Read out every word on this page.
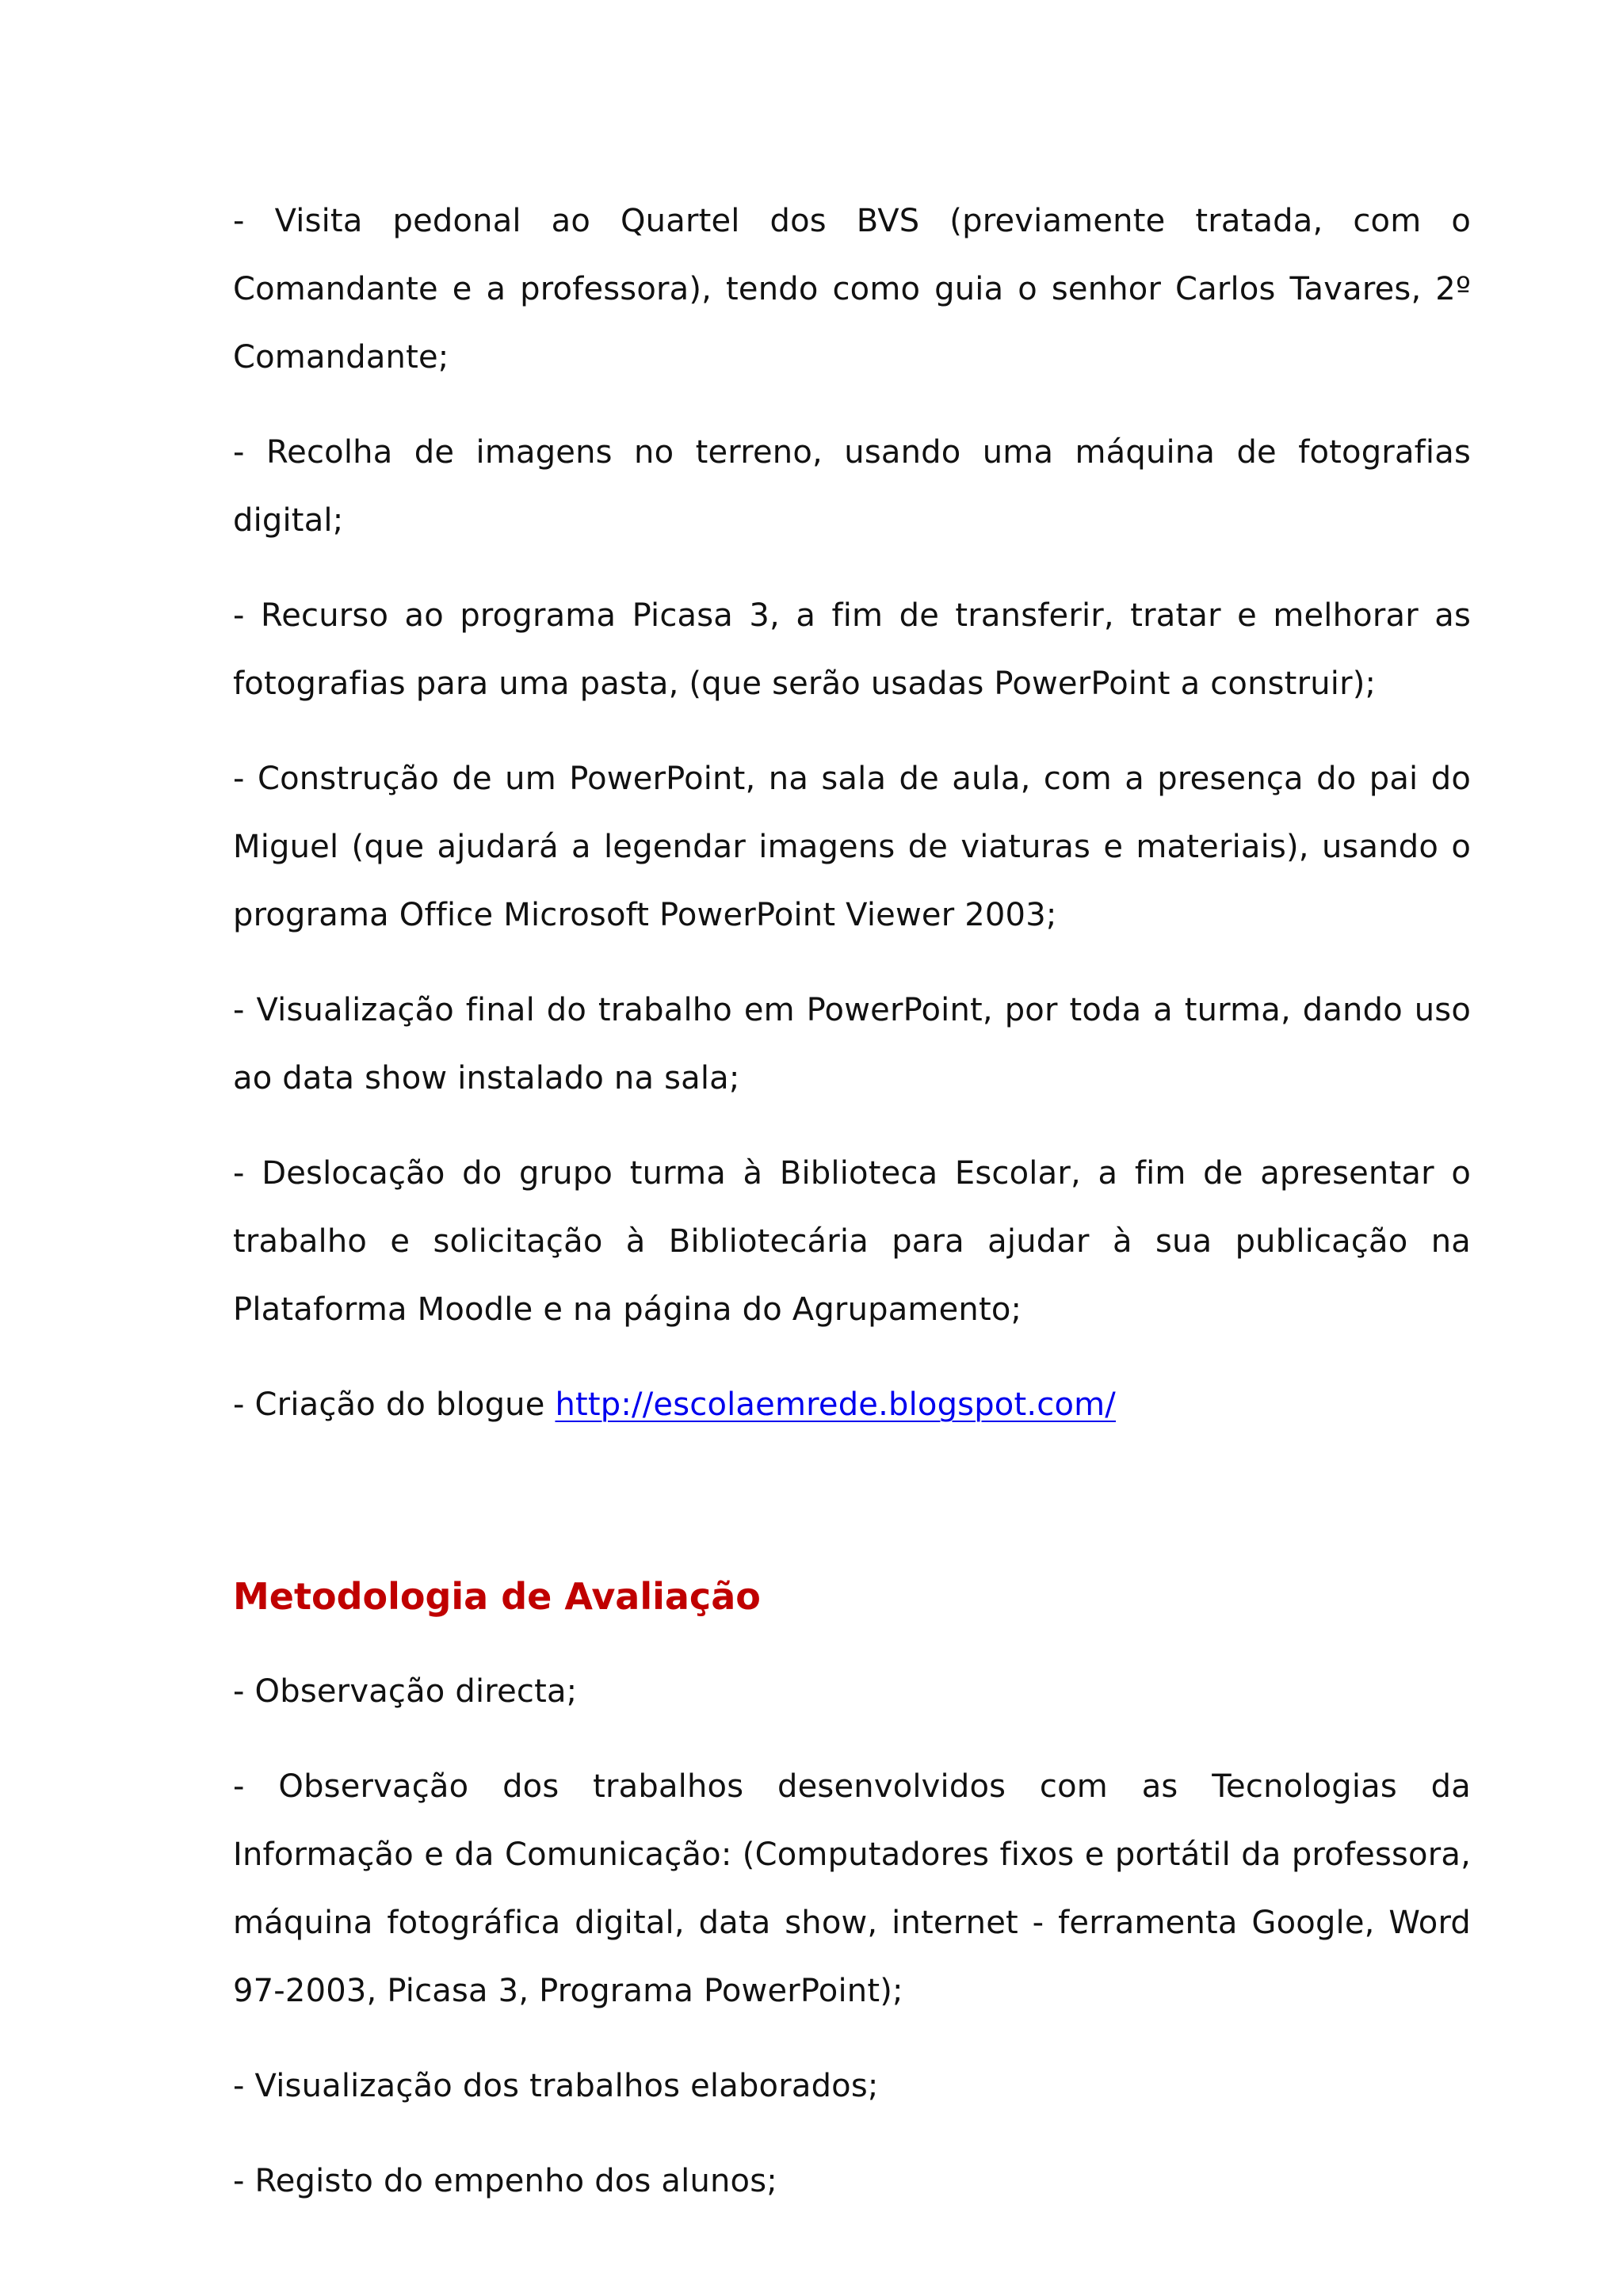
- Visita pedonal ao Quartel dos BVS (previamente tratada, com o Comandante e a professora), tendo como guia o senhor Carlos Tavares, 2º Comandante;

- Recolha de imagens no terreno, usando uma máquina de fotografias digital;

- Recurso ao programa Picasa 3, a fim de transferir, tratar e melhorar as fotografias para uma pasta, (que serão usadas PowerPoint a construir);

- Construção de um PowerPoint, na sala de aula, com a presença do pai do Miguel (que ajudará a legendar imagens de viaturas e materiais), usando o programa Office Microsoft PowerPoint Viewer 2003;

- Visualização final do trabalho em PowerPoint, por toda a turma, dando uso ao data show instalado na sala;

- Deslocação do grupo turma à Biblioteca Escolar, a fim de apresentar o trabalho e solicitação à Bibliotecária para ajudar à sua publicação na Plataforma Moodle e na página do Agrupamento;

- Criação do blogue http://escolaemrede.blogspot.com/

Metodologia de Avaliação

- Observação directa;

- Observação dos trabalhos desenvolvidos com as Tecnologias da Informação e da Comunicação: (Computadores fixos e portátil da professora, máquina fotográfica digital, data show, internet - ferramenta Google, Word 97-2003, Picasa 3, Programa PowerPoint);

- Visualização dos trabalhos elaborados;

- Registo do empenho dos alunos;
